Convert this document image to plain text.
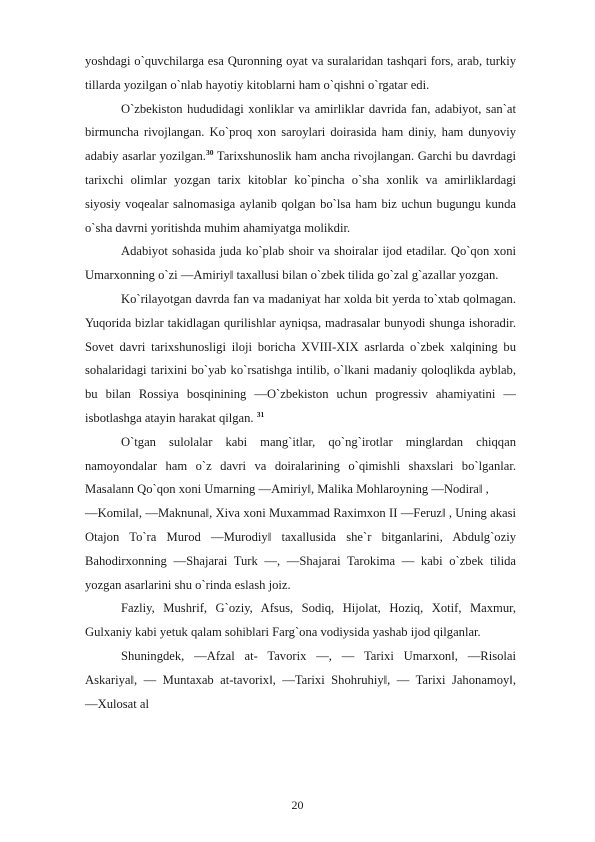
yoshdagi o`quvchilarga esa Quronning oyat va suralaridan tashqari fors, arab, turkiy tillarda yozilgan o`nlab hayotiy kitoblarni ham o`qishni o`rgatar edi.

O`zbekiston hududidagi xonliklar va amirliklar davrida fan, adabiyot, san`at birmuncha rivojlangan. Ko`proq xon saroylari doirasida ham diniy, ham dunyoviy adabiy asarlar yozilgan.$^{30}$ Tarixshunoslik ham ancha rivojlangan. Garchi bu davrdagi tarixchi olimlar yozgan tarix kitoblar ko`pincha o`sha xonlik va amirliklardagi siyosiy voqealar salnomasiga aylanib qolgan bo`lsa ham biz uchun bugungu kunda o`sha davrni yoritishda muhim ahamiyatga molikdir.

Adabiyot sohasida juda ko`plab shoir va shoiralar ijod etadilar. Qo`qon xoni Umarxonning o`zi ―Amiriy‖ taxallusi bilan o`zbek tilida go`zal g`azallar yozgan.

Ko`rilayotgan davrda fan va madaniyat har xolda bit yerda to`xtab qolmagan. Yuqorida bizlar takidlagan qurilishlar ayniqsa, madrasalar bunyodi shunga ishoradir. Sovet davri tarixshunosligi iloji boricha XVIII-XIX asrlarda o`zbek xalqining bu sohalaridagi tarixini bo`yab ko`rsatishga intilib, o`lkani madaniy qoloqlikda ayblab, bu bilan Rossiya bosqinining ―O`zbekiston uchun progressiv ahamiyatini ― isbotlashga atayin harakat qilgan. $^{31}$

O`tgan sulolalar kabi mang`itlar, qo`ng`irotlar minglardan chiqqan namoyondalar ham o`z davri va doiralarining o`qimishli shaxslari bo`lganlar. Masalann Qo`qon xoni Umarning ―Amiriy‖, Malika Mohlaroyning ―Nodira‖ ,

―Komila‖, ―Maknuna‖, Xiva xoni Muxammad Raximxon II ―Feruz‖ , Uning akasi Otajon To`ra Murod ―Murodiy‖ taxallusida she`r bitganlarini, Abdulg`oziy Bahodirxonning ―Shajarai Turk ―, ―Shajarai Tarokima ― kabi o`zbek tilida yozgan asarlarini shu o`rinda eslash joiz.

Fazliy, Mushrif, G`oziy, Afsus, Sodiq, Hijolat, Hoziq, Xotif, Maxmur, Gulxaniy kabi yetuk qalam sohiblari Farg`ona vodiysida yashab ijod qilganlar.

Shuningdek, ―Afzal at- Tavorix ―, ― Tarixi Umarxon‖, ―Risolai Askariya‖, ― Muntaxab at-tavorix‖, ―Tarixi Shohruhiy‖, ― Tarixi Jahonamoy‖, ―Xulosat al

20
